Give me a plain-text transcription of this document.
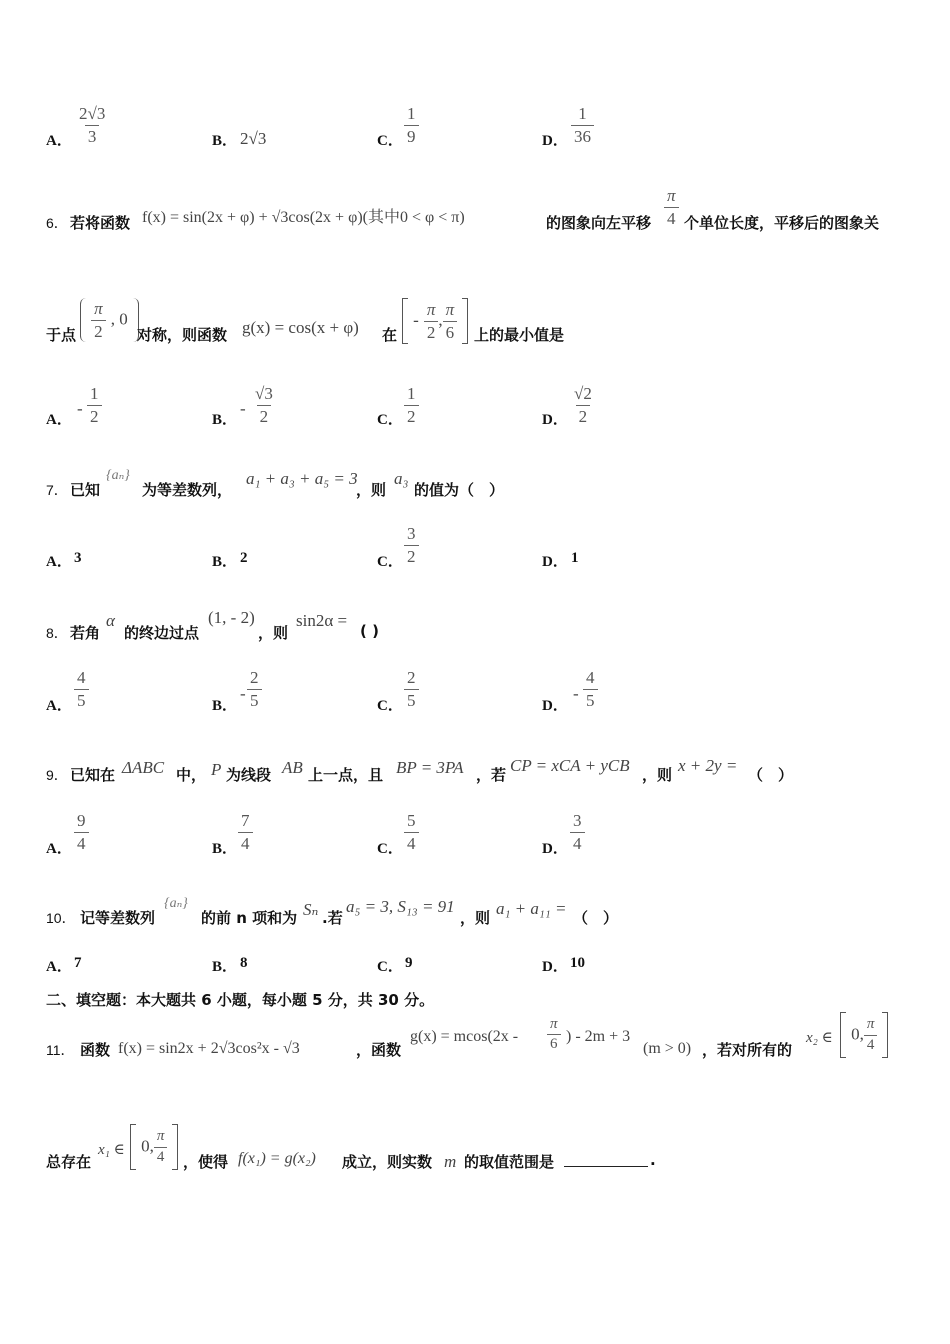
A． $\frac{2√3}{3}$	B． 2√3	C． $\frac{1}{9}$	D． $\frac{1}{36}$
6． 若将函数 f(x) = sin(2x + φ) + √3cos(2x + φ)(其中0 < φ < π)	的图象向左平移 $\frac{\pi}{4}$ 个单位长度，平移后的图象关
于点
$\frac{\pi}{2}$ , 0
对称，则函数 g(x) = cos(x + φ) 在
- $\frac{\pi}{2}$ , $\frac{\pi}{6}$
上的最小值是
A．
- $\frac{1}{2}$	B．
- $\frac{√3}{2}$	C． $\frac{1}{2}$	D． $\frac{√2}{2}$
7． 已知
{aₙ}
为等差数列，
a₁ + a₃ + a₅ = 3
，则
a₃
的值为（　）
A． 3	B． 2	C． $\frac{3}{2}$	D． 1
8． 若角
α
的终边过点
(1, - 2)
，则
sin2α =
( )
A． $\frac{4}{5}$	B．
- $\frac{2}{5}$	C． $\frac{2}{5}$	D．
- $\frac{4}{5}$
9． 已知在 ΔABC 中， P 为线段 AB 上一点，且 BP = 3PA ，若 CP = xCA + yCB ，则 x + 2y = （　）
A． $\frac{9}{4}$	B． $\frac{7}{4}$	C． $\frac{5}{4}$	D． $\frac{3}{4}$
10． 记等差数列
{aₙ}
的前 n 项和为 Sₙ .若
a₅ = 3, S₁₃ = 91
，则 a₁ + a₁₁ = （　）
A． 7	B． 8	C． 9	D． 10
二、填空题：本大题共 6 小题，每小题 5 分，共 30 分。
11． 函数 f(x) = sin2x + 2√3cos²x - √3	，函数
$g(x) = mcos(2x - \frac{\pi}{6}$ ) - 2m + 3
(m > 0) ，若对所有的
x₂ ∈	0, $\frac{\pi}{4}$

总存在
x₁ ∈ 0, $\frac{\pi}{4}$
，使得 f(x₁) = g(x₂) 成立，则实数 m 的取值范围是	.
